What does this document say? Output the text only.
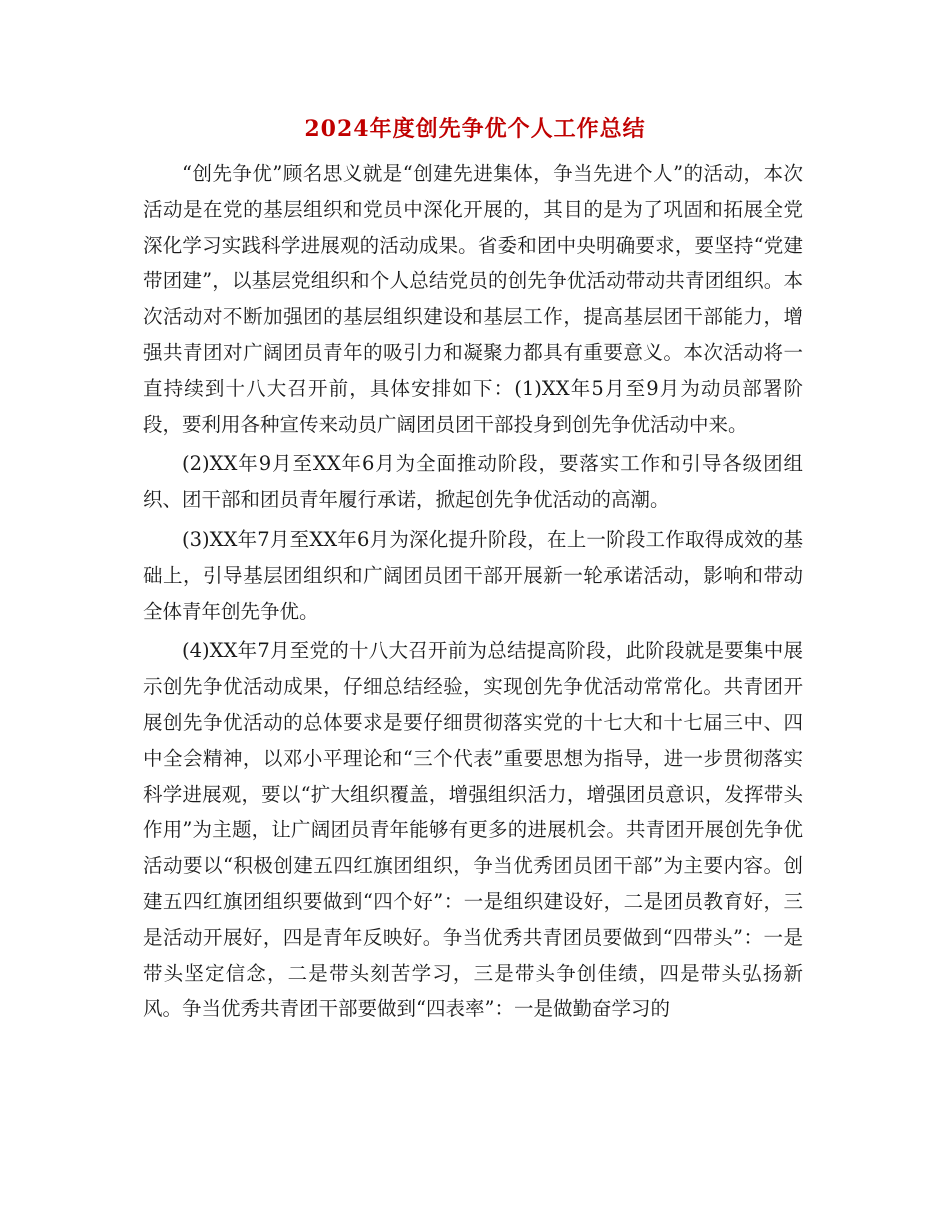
2024年度创先争优个人工作总结

“创先争优”顾名思义就是“创建先进集体，争当先进个人”的活动，本次活动是在党的基层组织和党员中深化开展的，其目的是为了巩固和拓展全党深化学习实践科学进展观的活动成果。省委和团中央明确要求，要坚持“党建带团建”，以基层党组织和个人总结党员的创先争优活动带动共青团组织。本次活动对不断加强团的基层组织建设和基层工作，提高基层团干部能力，增强共青团对广阔团员青年的吸引力和凝聚力都具有重要意义。本次活动将一直持续到十八大召开前，具体安排如下：(1)XX年5月至9月为动员部署阶段，要利用各种宣传来动员广阔团员团干部投身到创先争优活动中来。

(2)XX年9月至XX年6月为全面推动阶段，要落实工作和引导各级团组织、团干部和团员青年履行承诺，掀起创先争优活动的高潮。

(3)XX年7月至XX年6月为深化提升阶段，在上一阶段工作取得成效的基础上，引导基层团组织和广阔团员团干部开展新一轮承诺活动，影响和带动全体青年创先争优。

(4)XX年7月至党的十八大召开前为总结提高阶段，此阶段就是要集中展示创先争优活动成果，仔细总结经验，实现创先争优活动常常化。共青团开展创先争优活动的总体要求是要仔细贯彻落实党的十七大和十七届三中、四中全会精神，以邓小平理论和“三个代表”重要思想为指导，进一步贯彻落实科学进展观，要以“扩大组织覆盖，增强组织活力，增强团员意识，发挥带头作用”为主题，让广阔团员青年能够有更多的进展机会。共青团开展创先争优活动要以“积极创建五四红旗团组织，争当优秀团员团干部”为主要内容。创建五四红旗团组织要做到“四个好”：一是组织建设好，二是团员教育好，三是活动开展好，四是青年反映好。争当优秀共青团员要做到“四带头”：一是带头坚定信念，二是带头刻苦学习，三是带头争创佳绩，四是带头弘扬新风。争当优秀共青团干部要做到“四表率”：一是做勤奋学习的
